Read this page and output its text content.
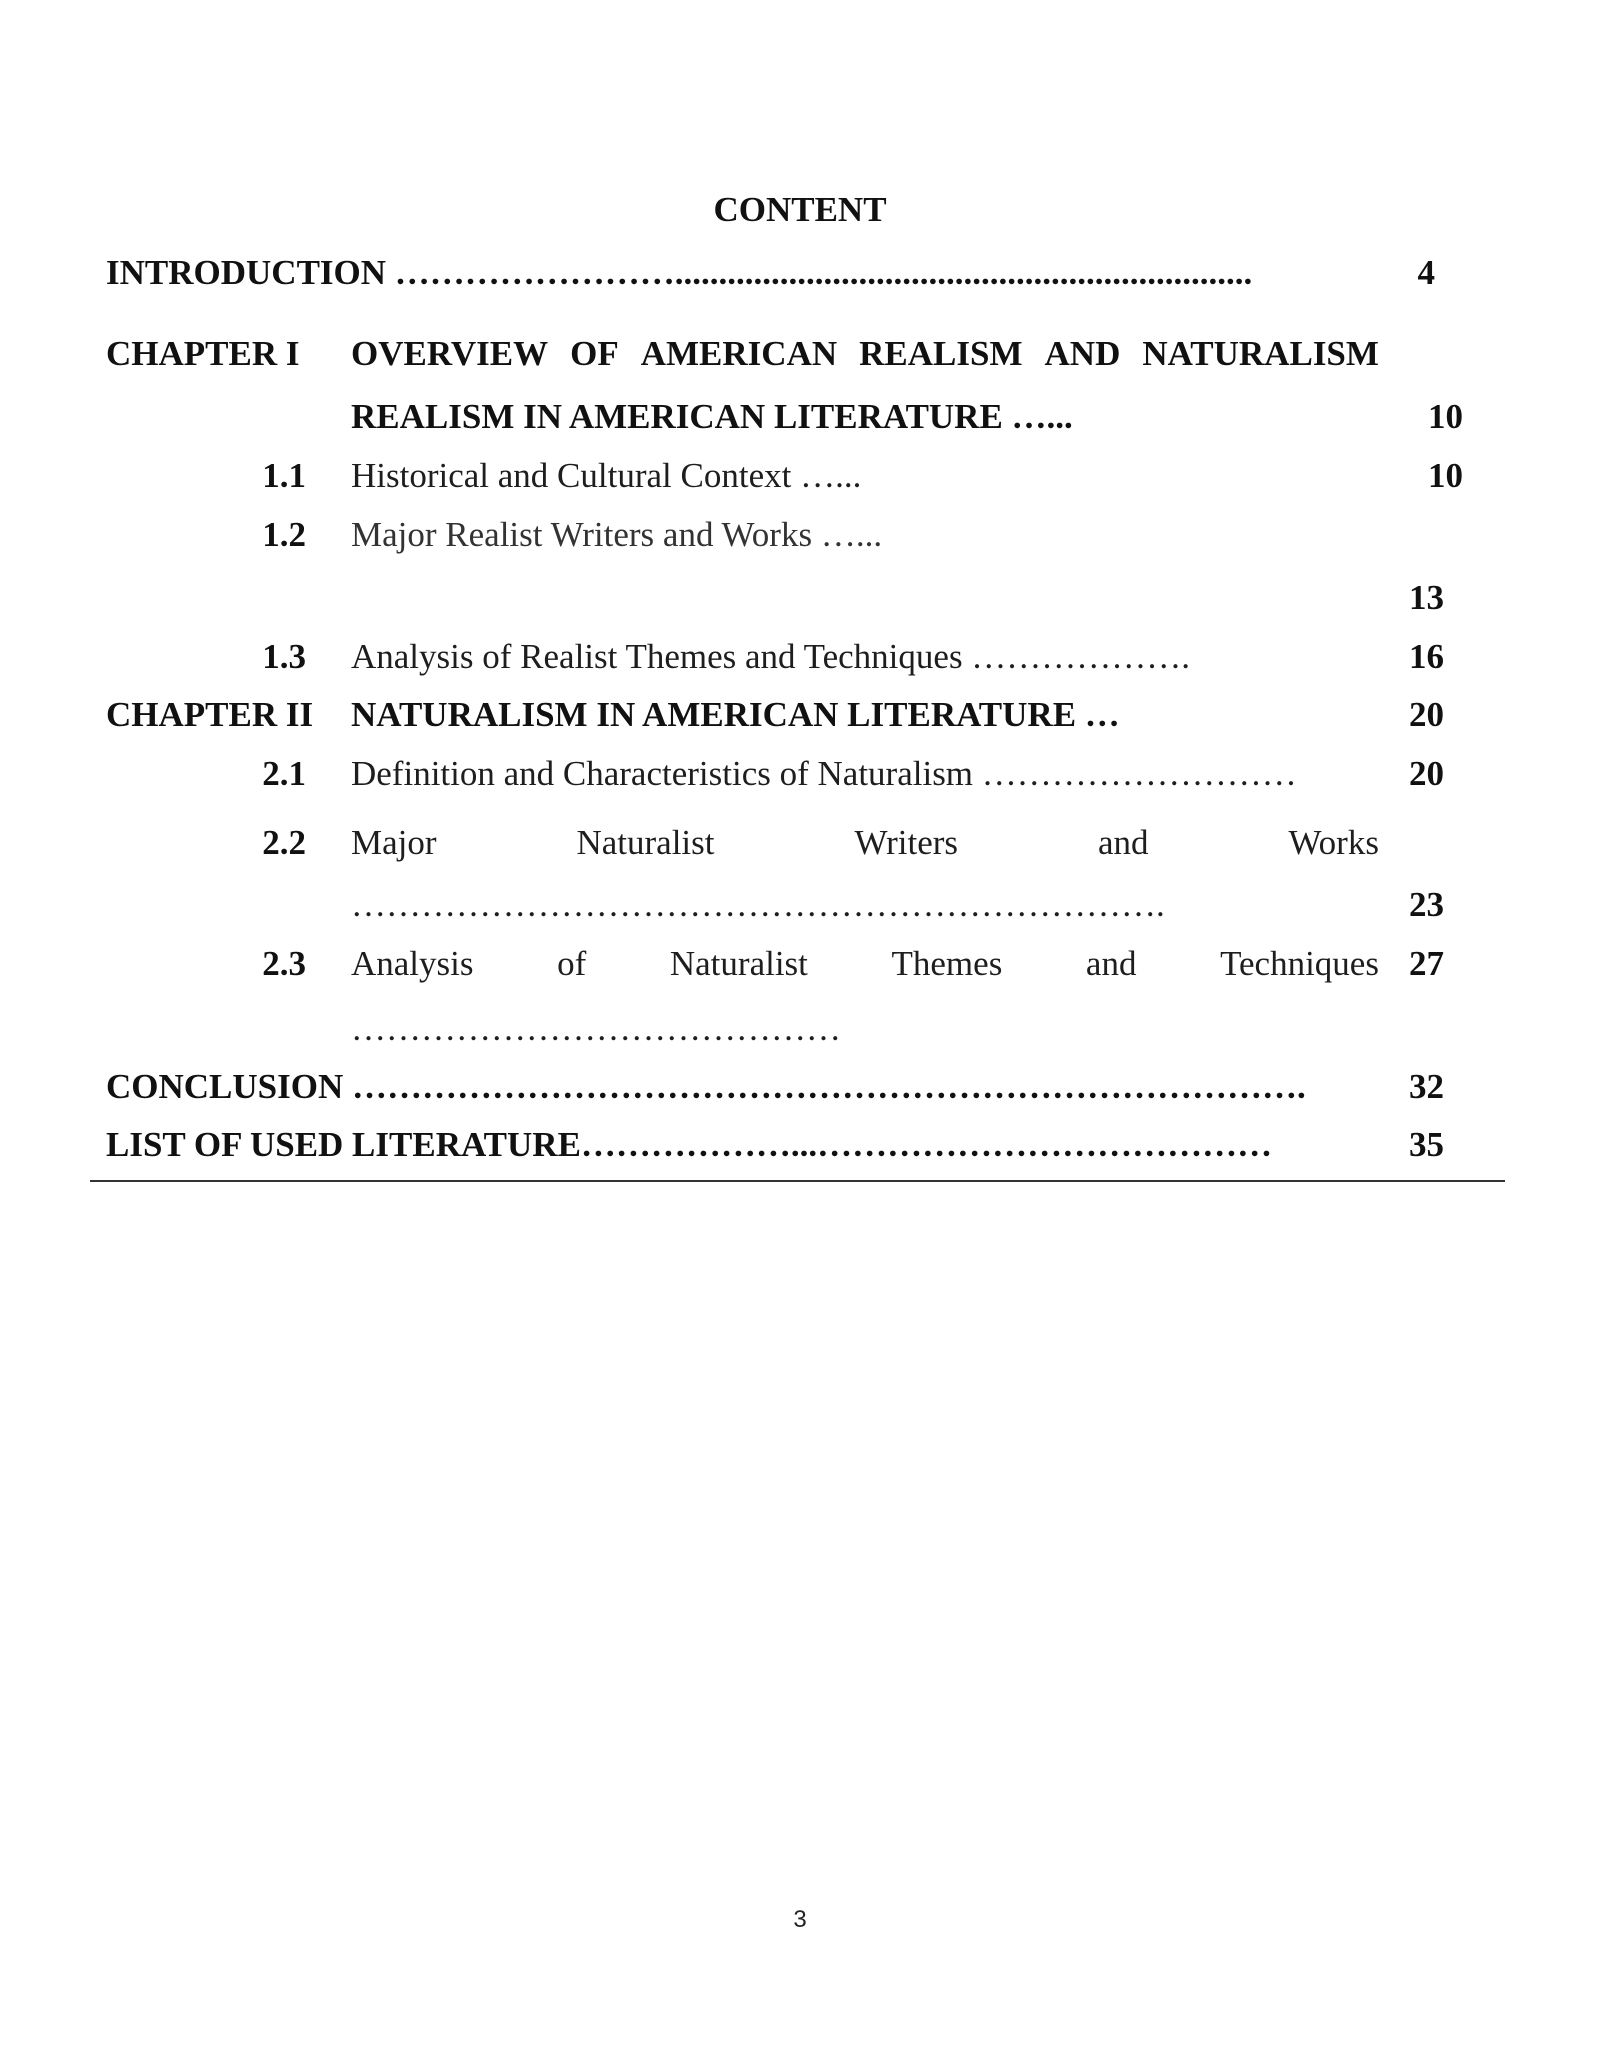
CONTENT
INTRODUCTION ……………………..................................................................	4
CHAPTER I OVERVIEW OF AMERICAN REALISM AND NATURALISM
REALISM IN AMERICAN LITERATURE …...	10
1.1 Historical and Cultural Context …...	10
1.2 Major Realist Writers and Works …...
13
1.3 Analysis of Realist Themes and Techniques ……………….	16
CHAPTER II NATURALISM IN AMERICAN LITERATURE …	20
2.1 Definition and Characteristics of Naturalism ………………………	20
2.2 Major	Naturalist	Writers	and	Works
…………………………………………………………….	23
2.3 Analysis of Naturalist Themes and Techniques 27
……………………………………
CONCLUSION ……………………………………………………………………….	32
LIST OF USED LITERATURE………………...…………………………………	35
3
